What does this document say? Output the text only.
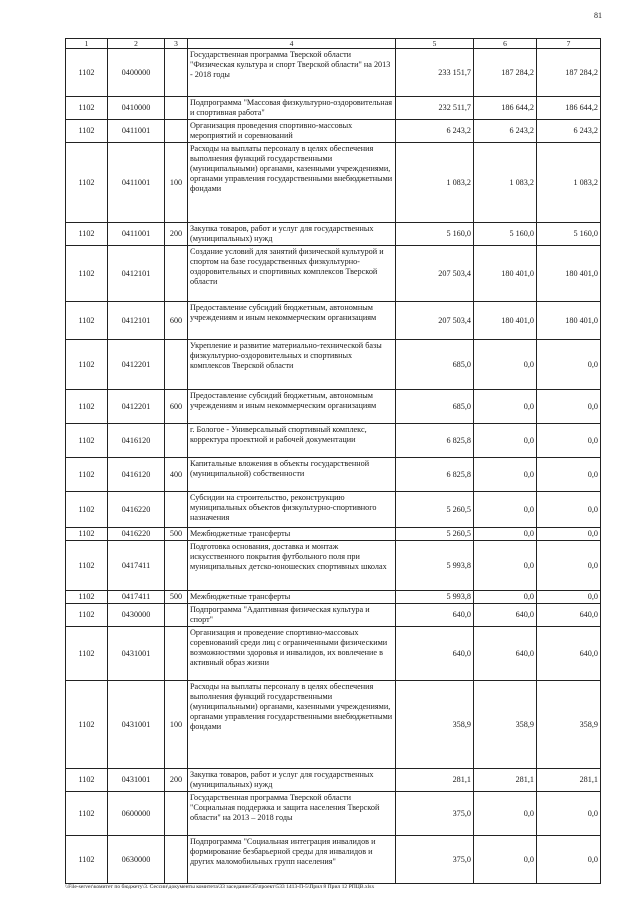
81
1	2	3	4	5	6	7
1102	0400000		Государственная программа Тверской области "Физическая культура и спорт Тверской области" на 2013 - 2018 годы	233 151,7	187 284,2	187 284,2
1102	0410000		Подпрограмма "Массовая физкультурно-оздоровительная и спортивная работа"	232 511,7	186 644,2	186 644,2
1102	0411001		Организация проведения спортивно-массовых мероприятий и соревнований	6 243,2	6 243,2	6 243,2
1102	0411001	100	Расходы на выплаты персоналу в целях обеспечения выполнения функций государственными (муниципальными) органами, казенными учреждениями, органами управления государственными внебюджетными фондами	1 083,2	1 083,2	1 083,2
1102	0411001	200	Закупка товаров, работ и услуг для государственных (муниципальных) нужд	5 160,0	5 160,0	5 160,0
1102	0412101		Создание условий для занятий физической культурой и спортом на базе государственных физкультурно-оздоровительных и спортивных комплексов Тверской области	207 503,4	180 401,0	180 401,0
1102	0412101	600	Предоставление субсидий бюджетным, автономным учреждениям и иным некоммерческим организациям	207 503,4	180 401,0	180 401,0
1102	0412201		Укрепление и развитие материально-технической базы физкультурно-оздоровительных и спортивных комплексов Тверской области	685,0	0,0	0,0
1102	0412201	600	Предоставление субсидий бюджетным, автономным учреждениям и иным некоммерческим организациям	685,0	0,0	0,0
1102	0416120		г. Бологое - Универсальный спортивный комплекс, корректура проектной и рабочей документации	6 825,8	0,0	0,0
1102	0416120	400	Капитальные вложения в объекты государственной (муниципальной) собственности	6 825,8	0,0	0,0
1102	0416220		Субсидии на строительство, реконструкцию муниципальных объектов физкультурно-спортивного назначения	5 260,5	0,0	0,0
1102	0416220	500	Межбюджетные трансферты	5 260,5	0,0	0,0
1102	0417411		Подготовка основания, доставка и монтаж искусственного покрытия футбольного поля при муниципальных детско-юношеских спортивных школах	5 993,8	0,0	0,0
1102	0417411	500	Межбюджетные трансферты	5 993,8	0,0	0,0
1102	0430000		Подпрограмма "Адаптивная физическая культура и спорт"	640,0	640,0	640,0
1102	0431001		Организация и проведение спортивно-массовых соревнований среди лиц с ограниченными физическими возможностями здоровья и инвалидов, их вовлечение в активный образ жизни	640,0	640,0	640,0
1102	0431001	100	Расходы на выплаты персоналу в целях обеспечения выполнения функций государственными (муниципальными) органами, казенными учреждениями, органами управления государственными внебюджетными фондами	358,9	358,9	358,9
1102	0431001	200	Закупка товаров, работ и услуг для государственных (муниципальных) нужд	281,1	281,1	281,1
1102	0600000		Государственная программа Тверской области "Социальная поддержка и защита населения Тверской области" на 2013 – 2018 годы	375,0	0,0	0,0
1102	0630000		Подпрограмма "Социальная интеграция инвалидов и формирование безбарьерной среды для инвалидов и других маломобильных групп населения"	375,0	0,0	0,0
\\File-server\комитет по бюджету\3. Сессии\документы комитета\33 заседание\35\проект\533 1413-П-5\Прил 8 Прил 12 РПЦВ.xlsx
